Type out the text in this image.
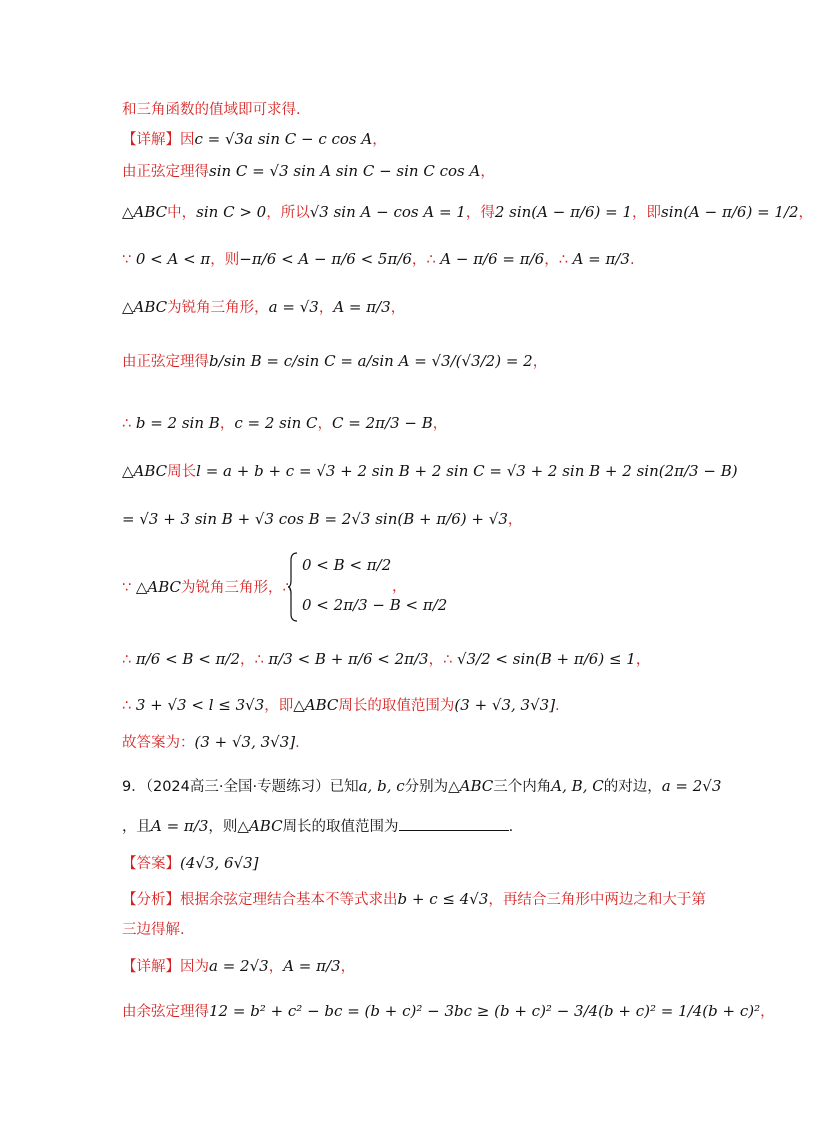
和三角函数的值域即可求得.
【详解】因c = √3a sin C − c cos A，
由正弦定理得sin C = √3 sin A sin C − sin C cos A，
△ABC中，sin C > 0，所以√3 sin A − cos A = 1，得2 sin(A − π/6) = 1，即sin(A − π/6) = 1/2，
∵ 0 < A < π，则−π/6 < A − π/6 < 5π/6，∴ A − π/6 = π/6，∴ A = π/3.
△ABC为锐角三角形，a = √3，A = π/3，
由正弦定理得b/sin B = c/sin C = a/sin A = √3/(√3/2) = 2，
∴ b = 2 sin B，c = 2 sin C，C = 2π/3 − B，
△ABC周长l = a + b + c = √3 + 2 sin B + 2 sin C = √3 + 2 sin B + 2 sin(2π/3 − B)
= √3 + 3 sin B + √3 cos B = 2√3 sin(B + π/6) + √3，
∵ △ABC为锐角三角形，∴
0 < B < π/2
0 < 2π/3 − B < π/2
，
∴ π/6 < B < π/2，∴ π/3 < B + π/6 < 2π/3，∴ √3/2 < sin(B + π/6) ≤ 1，
∴ 3 + √3 < l ≤ 3√3，即△ABC周长的取值范围为(3 + √3, 3√3].
故答案为：(3 + √3, 3√3].
9．（2024高三·全国·专题练习）已知a, b, c分别为△ABC三个内角A, B, C的对边，a = 2√3
，且A = π/3，则△ABC周长的取值范围为	.
【答案】(4√3, 6√3]
【分析】根据余弦定理结合基本不等式求出b + c ≤ 4√3，再结合三角形中两边之和大于第
三边得解.
【详解】因为a = 2√3，A = π/3，
由余弦定理得12 = b² + c² − bc = (b + c)² − 3bc ≥ (b + c)² − 3/4(b + c)² = 1/4(b + c)²，
